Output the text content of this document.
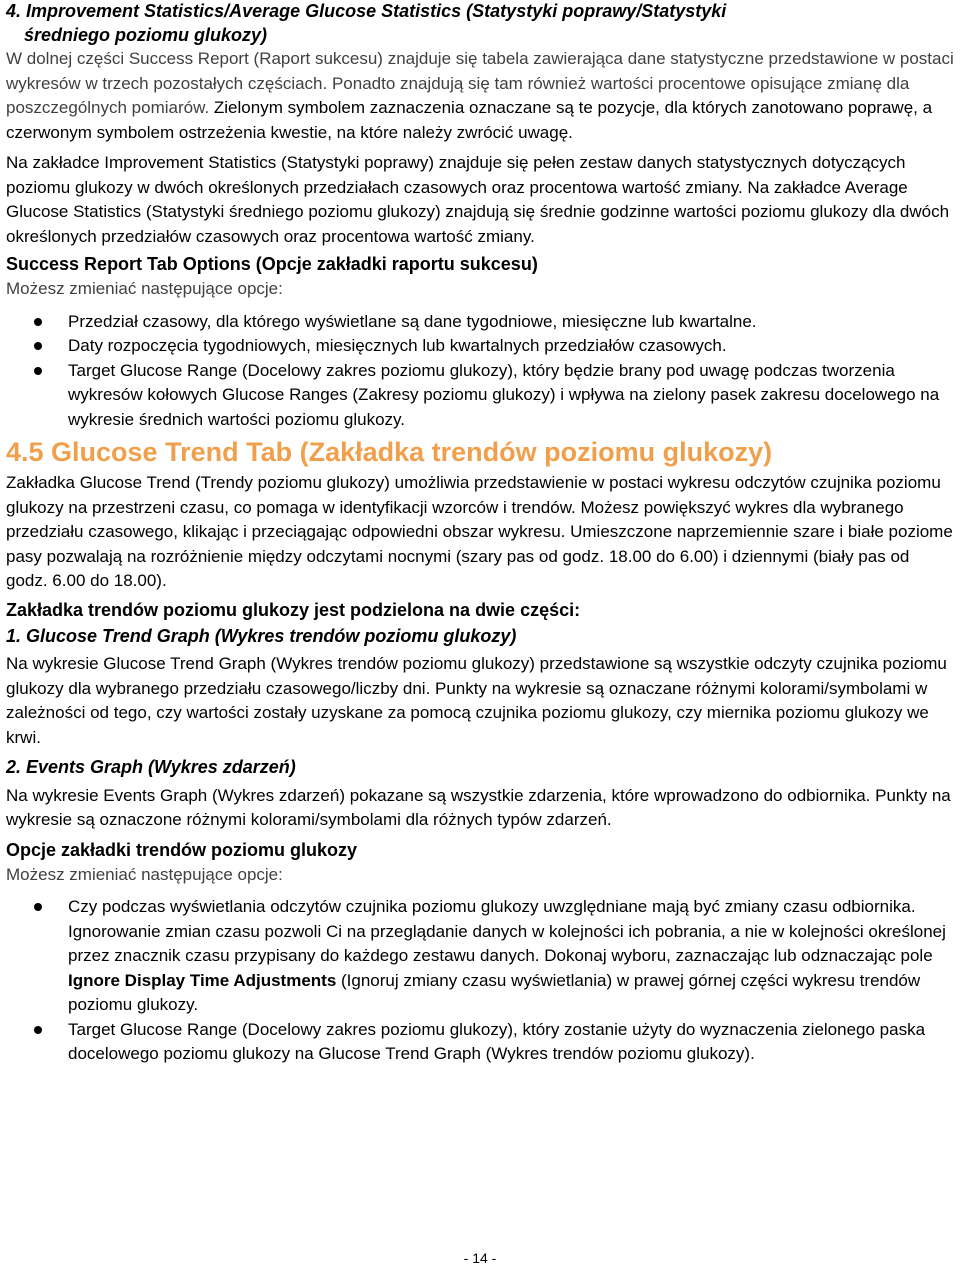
4. Improvement Statistics/Average Glucose Statistics (Statystyki poprawy/Statystyki

średniego poziomu glukozy)

W dolnej części Success Report (Raport sukcesu) znajduje się tabela zawierająca dane statystyczne przedstawione w postaci wykresów w trzech pozostałych częściach. Ponadto znajdują się tam również wartości procentowe opisujące zmianę dla poszczególnych pomiarów. Zielonym symbolem zaznaczenia oznaczane są te pozycje, dla których zanotowano poprawę, a czerwonym symbolem ostrzeżenia kwestie, na które należy zwrócić uwagę.

Na zakładce Improvement Statistics (Statystyki poprawy) znajduje się pełen zestaw danych statystycznych dotyczących poziomu glukozy w dwóch określonych przedziałach czasowych oraz procentowa wartość zmiany. Na zakładce Average Glucose Statistics (Statystyki średniego poziomu glukozy) znajdują się średnie godzinne wartości poziomu glukozy dla dwóch określonych przedziałów czasowych oraz procentowa wartość zmiany.

Success Report Tab Options (Opcje zakładki raportu sukcesu)

Możesz zmieniać następujące opcje:

Przedział czasowy, dla którego wyświetlane są dane tygodniowe, miesięczne lub kwartalne.
Daty rozpoczęcia tygodniowych, miesięcznych lub kwartalnych przedziałów czasowych.
Target Glucose Range (Docelowy zakres poziomu glukozy), który będzie brany pod uwagę podczas tworzenia wykresów kołowych Glucose Ranges (Zakresy poziomu glukozy) i wpływa na zielony pasek zakresu docelowego na wykresie średnich wartości poziomu glukozy.

4.5 Glucose Trend Tab (Zakładka trendów poziomu glukozy)

Zakładka Glucose Trend (Trendy poziomu glukozy) umożliwia przedstawienie w postaci wykresu odczytów czujnika poziomu glukozy na przestrzeni czasu, co pomaga w identyfikacji wzorców i trendów. Możesz powiększyć wykres dla wybranego przedziału czasowego, klikając i przeciągając odpowiedni obszar wykresu. Umieszczone naprzemiennie szare i białe poziome pasy pozwalają na rozróżnienie między odczytami nocnymi (szary pas od godz. 18.00 do 6.00) i dziennymi (biały pas od godz. 6.00 do 18.00).

Zakładka trendów poziomu glukozy jest podzielona na dwie części:

1. Glucose Trend Graph (Wykres trendów poziomu glukozy)

Na wykresie Glucose Trend Graph (Wykres trendów poziomu glukozy) przedstawione są wszystkie odczyty czujnika poziomu glukozy dla wybranego przedziału czasowego/liczby dni. Punkty na wykresie są oznaczane różnymi kolorami/symbolami w zależności od tego, czy wartości zostały uzyskane za pomocą czujnika poziomu glukozy, czy miernika poziomu glukozy we krwi.

2. Events Graph (Wykres zdarzeń)

Na wykresie Events Graph (Wykres zdarzeń) pokazane są wszystkie zdarzenia, które wprowadzono do odbiornika. Punkty na wykresie są oznaczone różnymi kolorami/symbolami dla różnych typów zdarzeń.

Opcje zakładki trendów poziomu glukozy

Możesz zmieniać następujące opcje:

Czy podczas wyświetlania odczytów czujnika poziomu glukozy uwzględniane mają być zmiany czasu odbiornika. Ignorowanie zmian czasu pozwoli Ci na przeglądanie danych w kolejności ich pobrania, a nie w kolejności określonej przez znacznik czasu przypisany do każdego zestawu danych. Dokonaj wyboru, zaznaczając lub odznaczając pole Ignore Display Time Adjustments (Ignoruj zmiany czasu wyświetlania) w prawej górnej części wykresu trendów poziomu glukozy.
Target Glucose Range (Docelowy zakres poziomu glukozy), który zostanie użyty do wyznaczenia zielonego paska docelowego poziomu glukozy na Glucose Trend Graph (Wykres trendów poziomu glukozy).
- 14 -
